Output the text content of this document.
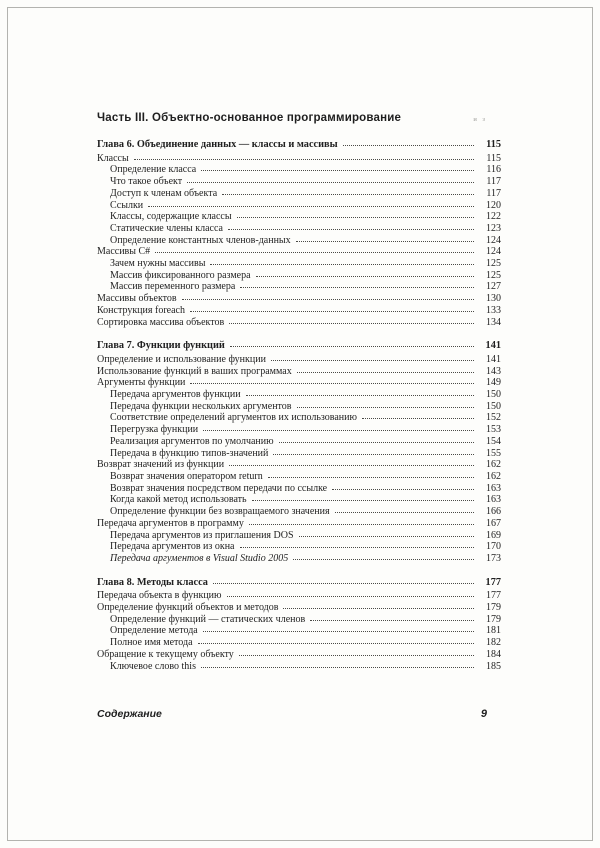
Часть III. Объектно-основанное программирование	и з
Глава 6. Объединение данных — классы и массивы	115
Классы	115
Определение класса	116
Что такое объект	117
Доступ к членам объекта	117
Ссылки	120
Классы, содержащие классы	122
Статические члены класса	123
Определение константных членов-данных	124
Массивы C#	124
Зачем нужны массивы	125
Массив фиксированного размера	125
Массив переменного размера	127
Массивы объектов	130
Конструкция foreach	133
Сортировка массива объектов	134
Глава 7. Функции функций	141
Определение и использование функции	141
Использование функций в ваших программах	143
Аргументы функции	149
Передача аргументов функции	150
Передача функции нескольких аргументов	150
Соответствие определений аргументов их использованию	152
Перегрузка функции	153
Реализация аргументов по умолчанию	154
Передача в функцию типов-значений	155
Возврат значений из функции	162
Возврат значения оператором return	162
Возврат значения посредством передачи по ссылке	163
Когда какой метод использовать	163
Определение функции без возвращаемого значения	166
Передача аргументов в программу	167
Передача аргументов из приглашения DOS	169
Передача аргументов из окна	170
Передача аргументов в Visual Studio 2005	173
Глава 8. Методы класса	177
Передача объекта в функцию	177
Определение функций объектов и методов	179
Определение функций — статических членов	179
Определение метода	181
Полное имя метода	182
Обращение к текущему объекту	184
Ключевое слово this	185
Содержание	9
